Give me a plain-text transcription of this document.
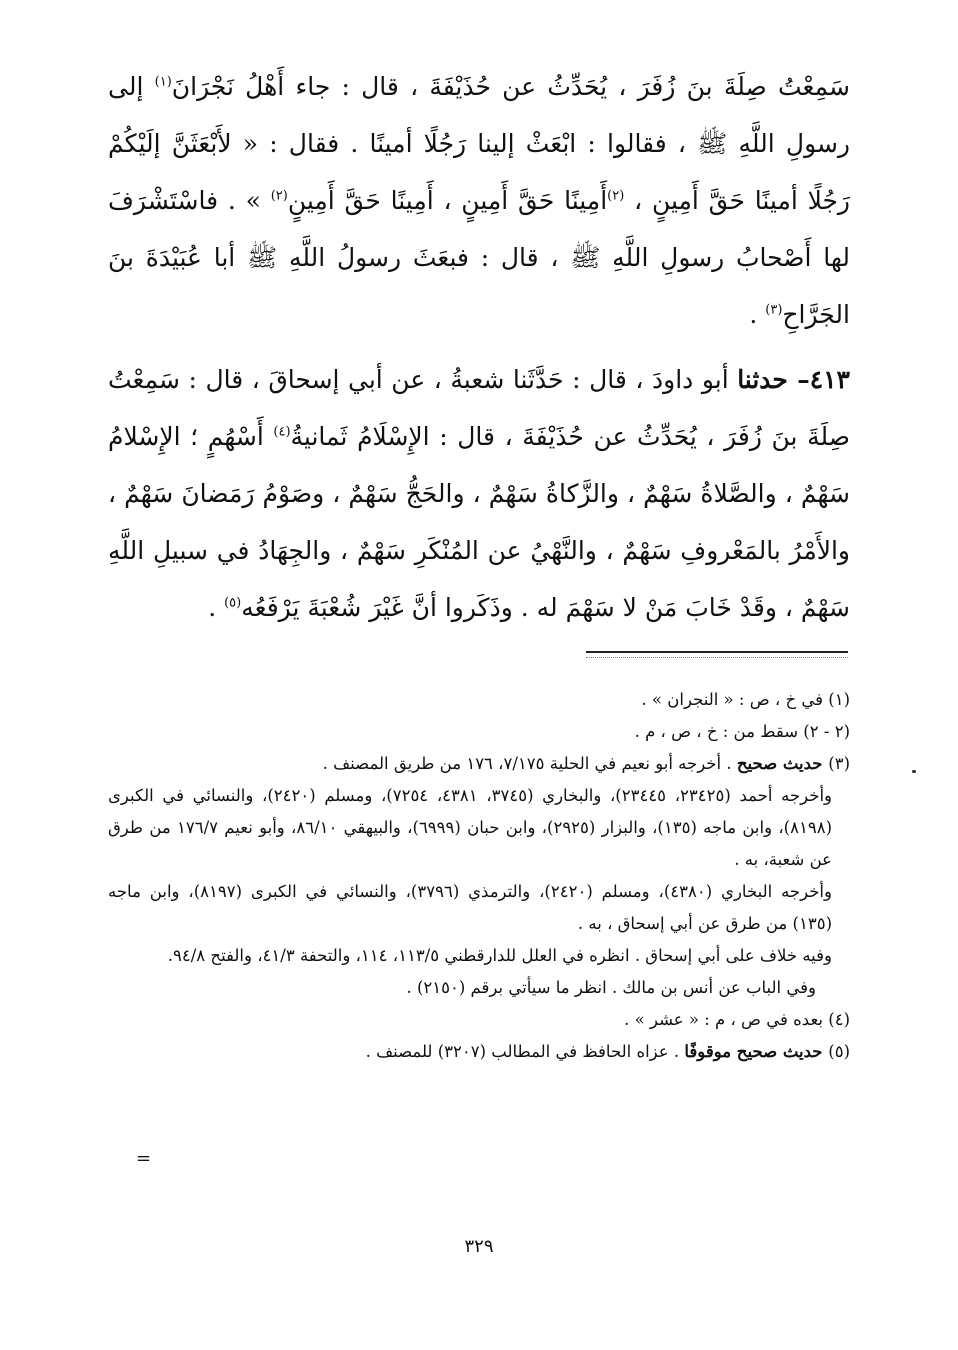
سَمِعْتُ صِلَةَ بنَ زُفَرَ ، يُحَدِّثُ عن حُذَيْفَةَ ، قال : جاء أَهْلُ نَجْرَانَ$^{(١)}$ إلى رسولِ اللَّهِ ﷺ ، فقالوا : ابْعَثْ إلينا رَجُلًا أمينًا . فقال : « لأَبْعَثَنَّ إلَيْكُمْ رَجُلًا أمينًا حَقَّ أَمِينٍ ، $^{(٢)}$أَمِينًا حَقَّ أَمِينٍ ، أَمِينًا حَقَّ أَمِينٍ$^{(٢)}$ » . فاسْتَشْرَفَ لها أَصْحابُ رسولِ اللَّهِ ﷺ ، قال : فبعَثَ رسولُ اللَّهِ ﷺ أبا عُبَيْدَةَ بنَ الجَرَّاحِ$^{(٣)}$ .

٤١٣– حدثنا أبو داودَ ، قال : حَدَّثَنا شعبةُ ، عن أبي إسحاقَ ، قال : سَمِعْتُ صِلَةَ بنَ زُفَرَ ، يُحَدِّثُ عن حُذَيْفَةَ ، قال : الإِسْلَامُ ثَمانيةُ$^{(٤)}$ أَسْهُمٍ ؛ الإِسْلامُ سَهْمٌ ، والصَّلاةُ سَهْمٌ ، والزَّكاةُ سَهْمٌ ، والحَجُّ سَهْمٌ ، وصَوْمُ رَمَضانَ سَهْمٌ ، والأَمْرُ بالمَعْروفِ سَهْمٌ ، والنَّهْيُ عن المُنْكَرِ سَهْمٌ ، والجِهَادُ في سبيلِ اللَّهِ سَهْمٌ ، وقَدْ خَابَ مَنْ لا سَهْمَ له . وذَكَروا أنَّ غَيْرَ شُعْبَةَ يَرْفَعُه$^{(٥)}$ .

(١) في خ ، ص : « النجران » .

(٢ - ٢) سقط من : خ ، ص ، م .

(٣) حديث صحيح . أخرجه أبو نعيم في الحلية ٧/١٧٥، ١٧٦ من طريق المصنف .

وأخرجه أحمد (٢٣٤٢٥، ٢٣٤٤٥)، والبخاري (٣٧٤٥، ٤٣٨١، ٧٢٥٤)، ومسلم (٢٤٢٠)، والنسائي في الكبرى (٨١٩٨)، وابن ماجه (١٣٥)، والبزار (٢٩٢٥)، وابن حبان (٦٩٩٩)، والبيهقي ٨٦/١٠، وأبو نعيم ١٧٦/٧ من طرق عن شعبة، به .

وأخرجه البخاري (٤٣٨٠)، ومسلم (٢٤٢٠)، والترمذي (٣٧٩٦)، والنسائي في الكبرى (٨١٩٧)، وابن ماجه (١٣٥) من طرق عن أبي إسحاق ، به .

وفيه خلاف على أبي إسحاق . انظره في العلل للدارقطني ١١٣/٥، ١١٤، والتحفة ٤١/٣، والفتح ٩٤/٨.

وفي الباب عن أنس بن مالك . انظر ما سيأتي برقم (٢١٥٠) .

(٤) بعده في ص ، م : « عشر » .

(٥) حديث صحيح موقوفًا . عزاه الحافظ في المطالب (٣٢٠٧) للمصنف .

=
٣٢٩
